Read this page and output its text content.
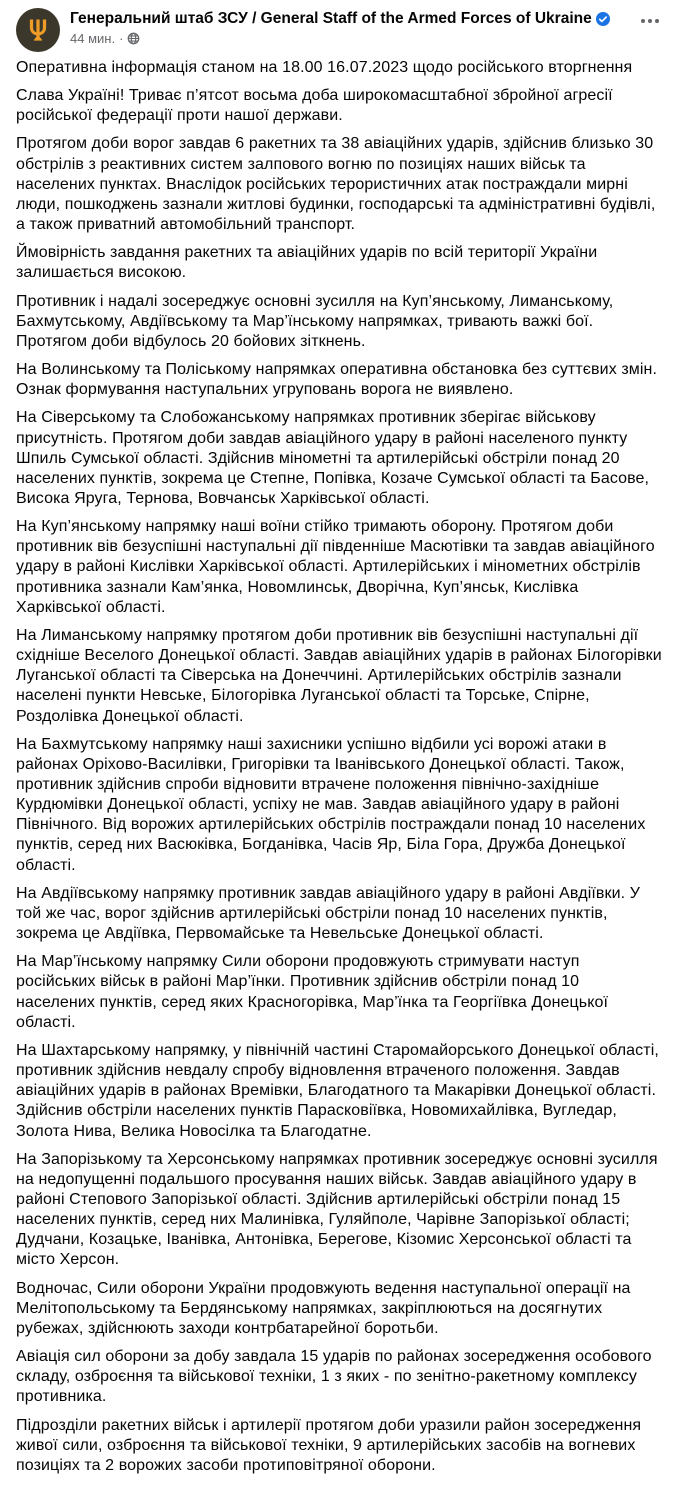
Генеральний штаб ЗСУ / General Staff of the Armed Forces of Ukraine
44 мин. ·

Оперативна інформація станом на 18.00 16.07.2023 щодо російського вторгнення

Слава Україні! Триває п’ятсот восьма доба широкомасштабної збройної агресії російської федерації проти нашої держави.

Протягом доби ворог завдав 6 ракетних та 38 авіаційних ударів, здійснив близько 30 обстрілів з реактивних систем залпового вогню по позиціях наших військ та населених пунктах. Внаслідок російських терористичних атак постраждали мирні люди, пошкоджень зазнали житлові будинки, господарські та адміністративні будівлі, а також приватний автомобільний транспорт.

Ймовірність завдання ракетних та авіаційних ударів по всій території України залишається високою.

Противник і надалі зосереджує основні зусилля на Куп’янському, Лиманському, Бахмутському, Авдіївському та Мар’їнському напрямках, тривають важкі бої. Протягом доби відбулось 20 бойових зіткнень.

На Волинському та Поліському напрямках оперативна обстановка без суттєвих змін. Ознак формування наступальних угруповань ворога не виявлено.

На Сіверському та Слобожанському напрямках противник зберігає військову присутність. Протягом доби завдав авіаційного удару в районі населеного пункту Шпиль Сумської області. Здійснив мінометні та артилерійські обстріли понад 20 населених пунктів, зокрема це Степне, Попівка, Козаче Сумської області та Басове, Висока Яруга, Тернова, Вовчанськ Харківської області.

На Куп’янському напрямку наші воїни стійко тримають оборону. Протягом доби противник вів безуспішні наступальні дії південніше Масютівки та завдав авіаційного удару в районі Кислівки Харківської області. Артилерійських і мінометних обстрілів противника зазнали Кам’янка, Новомлинськ, Дворічна, Куп’янськ, Кислівка Харківської області.

На Лиманському напрямку протягом доби противник вів безуспішні наступальні дії східніше Веселого Донецької області. Завдав авіаційних ударів в районах Білогорівки Луганської області та Сіверська на Донеччині. Артилерійських обстрілів зазнали населені пункти Невське, Білогорівка Луганської області та Торське, Спірне, Роздолівка Донецької області.

На Бахмутському напрямку наші захисники успішно відбили усі ворожі атаки в районах Оріхово-Василівки, Григорівки та Іванівського Донецької області. Також, противник здійснив спроби відновити втрачене положення північно-західніше Курдюмівки Донецької області, успіху не мав. Завдав авіаційного удару в районі Північного. Від ворожих артилерійських обстрілів постраждали понад 10 населених пунктів, серед них Васюківка, Богданівка, Часів Яр, Біла Гора, Дружба Донецької області.

На Авдіївському напрямку противник завдав авіаційного удару в районі Авдіївки. У той же час, ворог здійснив артилерійські обстріли понад 10 населених пунктів, зокрема це Авдіївка, Первомайське та Невельське Донецької області.

На Мар’їнському напрямку Сили оборони продовжують стримувати наступ російських військ в районі Мар’їнки. Противник здійснив обстріли понад 10 населених пунктів, серед яких Красногорівка, Мар’їнка та Георгіївка Донецької області.

На Шахтарському напрямку, у північній частині Старомайорського Донецької області, противник здійснив невдалу спробу відновлення втраченого положення. Завдав авіаційних ударів в районах Времівки, Благодатного та Макарівки Донецької області. Здійснив обстріли населених пунктів Парасковіївка, Новомихайлівка, Вугледар, Золота Нива, Велика Новосілка та Благодатне.

На Запорізькому та Херсонському напрямках противник зосереджує основні зусилля на недопущенні подальшого просування наших військ. Завдав авіаційного удару в районі Степового Запорізької області. Здійснив артилерійські обстріли понад 15 населених пунктів, серед них Малинівка, Гуляйполе, Чарівне Запорізької області; Дудчани, Козацьке, Іванівка, Антонівка, Берегове, Кізомис Херсонської області та місто Херсон.

Водночас, Сили оборони України продовжують ведення наступальної операції на Мелітопольському та Бердянському напрямках, закріплюються на досягнутих рубежах, здійснюють заходи контрбатарейної боротьби.

Авіація сил оборони за добу завдала 15 ударів по районах зосередження особового складу, озброєння та військової техніки, 1 з яких - по зенітно-ракетному комплексу противника.

Підрозділи ракетних військ і артилерії протягом доби уразили район зосередження живої сили, озброєння та військової техніки, 9 артилерійських засобів на вогневих позиціях та 2 ворожих засоби протиповітряної оборони.
